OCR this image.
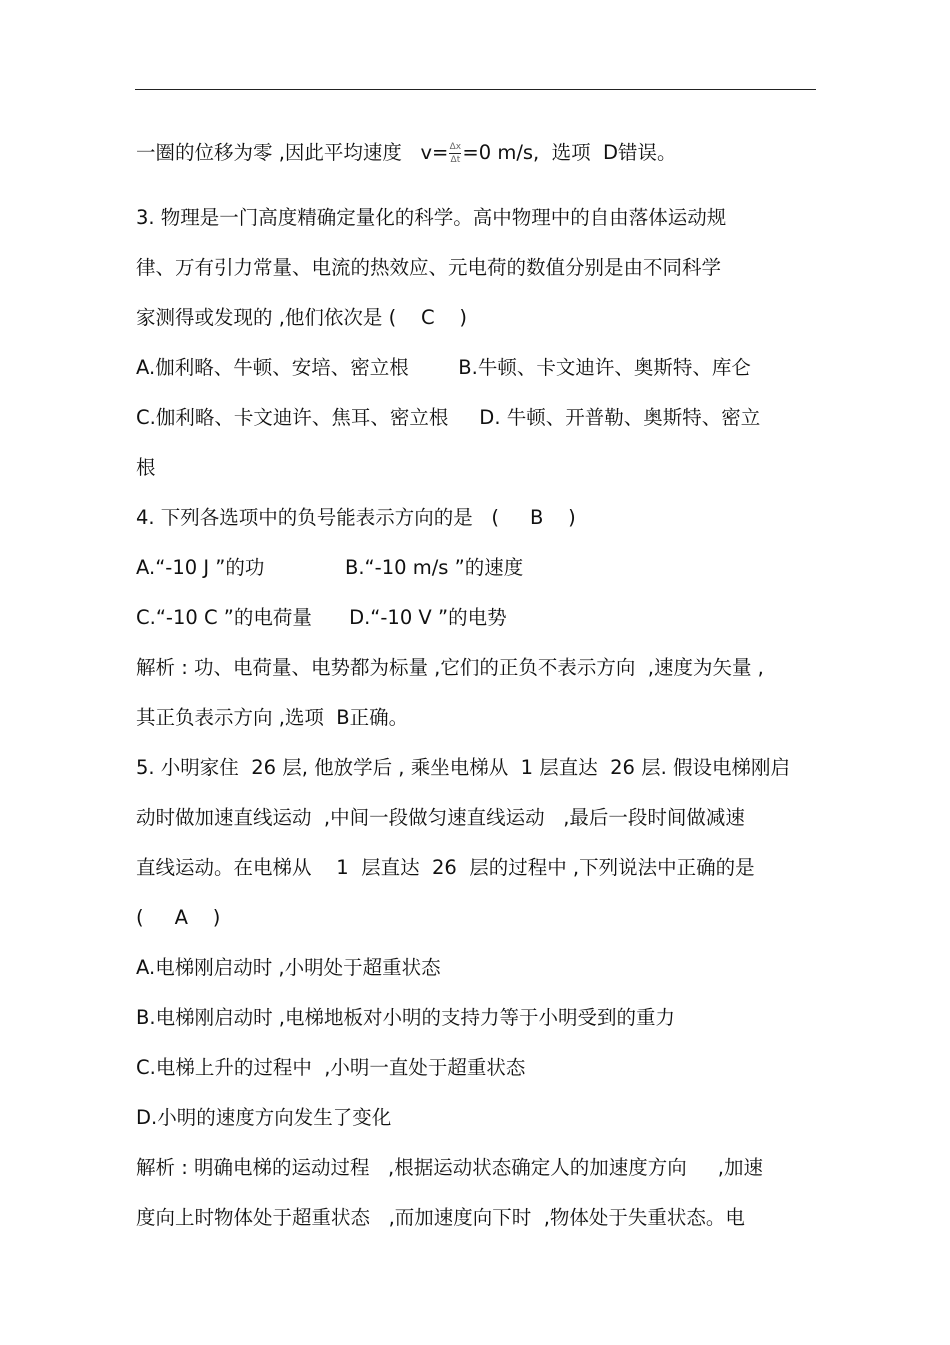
一圈的位移为零 ,因此平均速度   $v= \frac{\Delta x}{\Delta t} =0$ m/s,  选项  D错误。
3. 物理是一门高度精确定量化的科学。高中物理中的自由落体运动规
律、万有引力常量、电流的热效应、元电荷的数值分别是由不同科学
家测得或发现的 ,他们依次是 (    C    )
A.伽利略、牛顿、安培、密立根        B.牛顿、卡文迪许、奥斯特、库仑
C.伽利略、卡文迪许、焦耳、密立根     D. 牛顿、开普勒、奥斯特、密立
根
4. 下列各选项中的负号能表示方向的是   (     B    )
A.“-10 J ”的功             B.“-10 m/s ”的速度
C.“-10 C ”的电荷量      D.“-10 V ”的电势
解析 : 功、电荷量、电势都为标量 ,它们的正负不表示方向  ,速度为矢量 ,
其正负表示方向 ,选项  B正确。
5. 小明家住  26 层, 他放学后 , 乘坐电梯从  1 层直达  26 层. 假设电梯刚启
动时做加速直线运动  ,中间一段做匀速直线运动   ,最后一段时间做减速
直线运动。在电梯从    1  层直达  26  层的过程中 ,下列说法中正确的是
(     A    )
A.电梯刚启动时 ,小明处于超重状态
B.电梯刚启动时 ,电梯地板对小明的支持力等于小明受到的重力
C.电梯上升的过程中  ,小明一直处于超重状态
D.小明的速度方向发生了变化
解析 : 明确电梯的运动过程   ,根据运动状态确定人的加速度方向     ,加速
度向上时物体处于超重状态   ,而加速度向下时  ,物体处于失重状态。电
